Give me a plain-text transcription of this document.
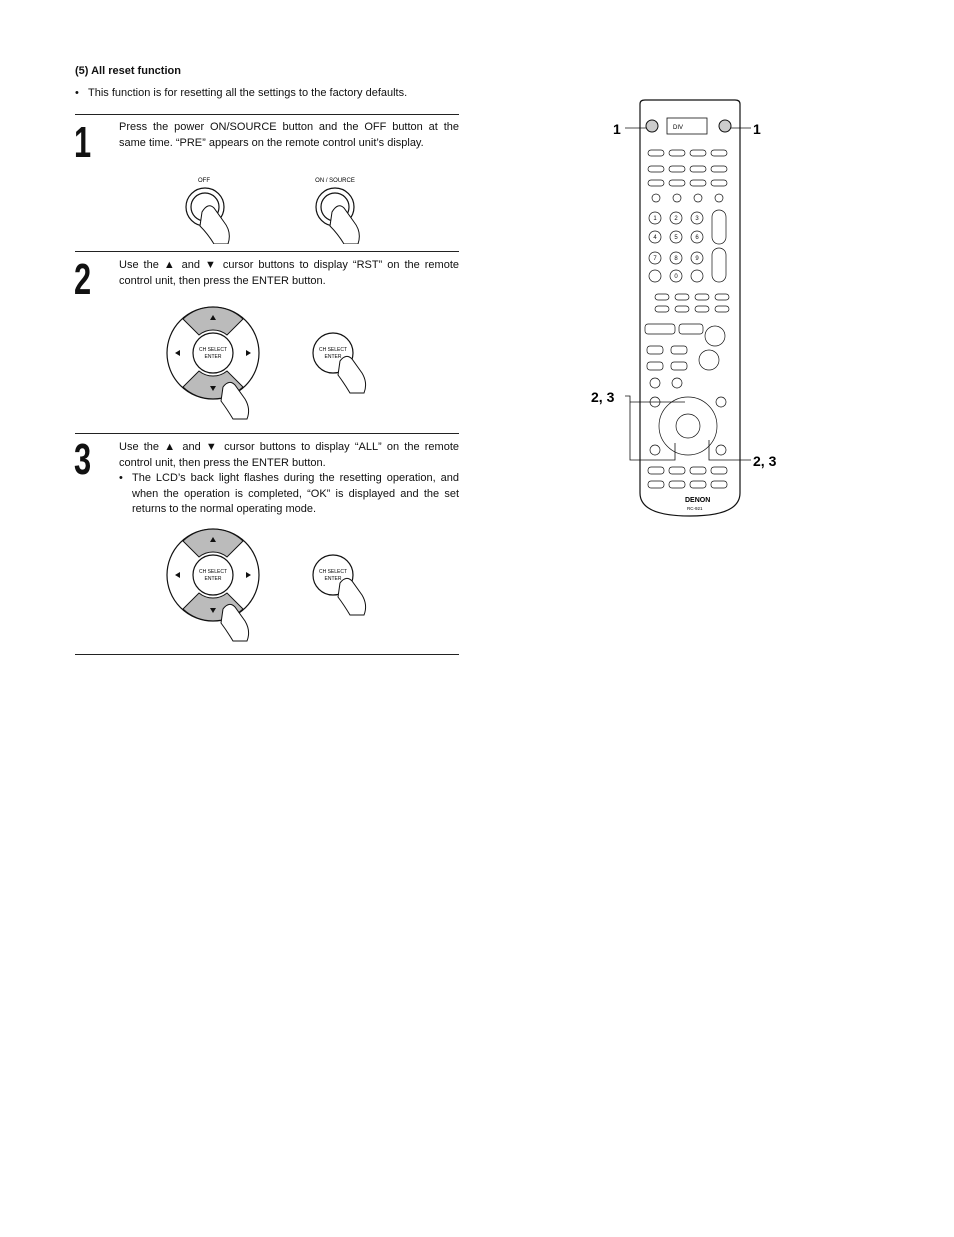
(5) All reset function
• This function is for resetting all the settings to the factory defaults.
1	Press the power ON/SOURCE button and the OFF button at the same time. “PRE” appears on the remote control unit’s display.
OFF	ON / SOURCE
2	Use the ▲ and ▼ cursor buttons to display “RST” on the remote control unit, then press the ENTER button.
CH SELECT
ENTER
CH SELECT
ENTER
3	Use the ▲ and ▼ cursor buttons to display “ALL” on the remote control unit, then press the ENTER button.
• The LCD’s back light flashes during the resetting operation, and when the operation is completed, “OK” is displayed and the set returns to the normal operating mode.
CH SELECT
ENTER
CH SELECT
ENTER
DIV
1	2	3
4	5	6
7	8	9
0
DENON
RC-921
1	1
2, 3
2, 3
